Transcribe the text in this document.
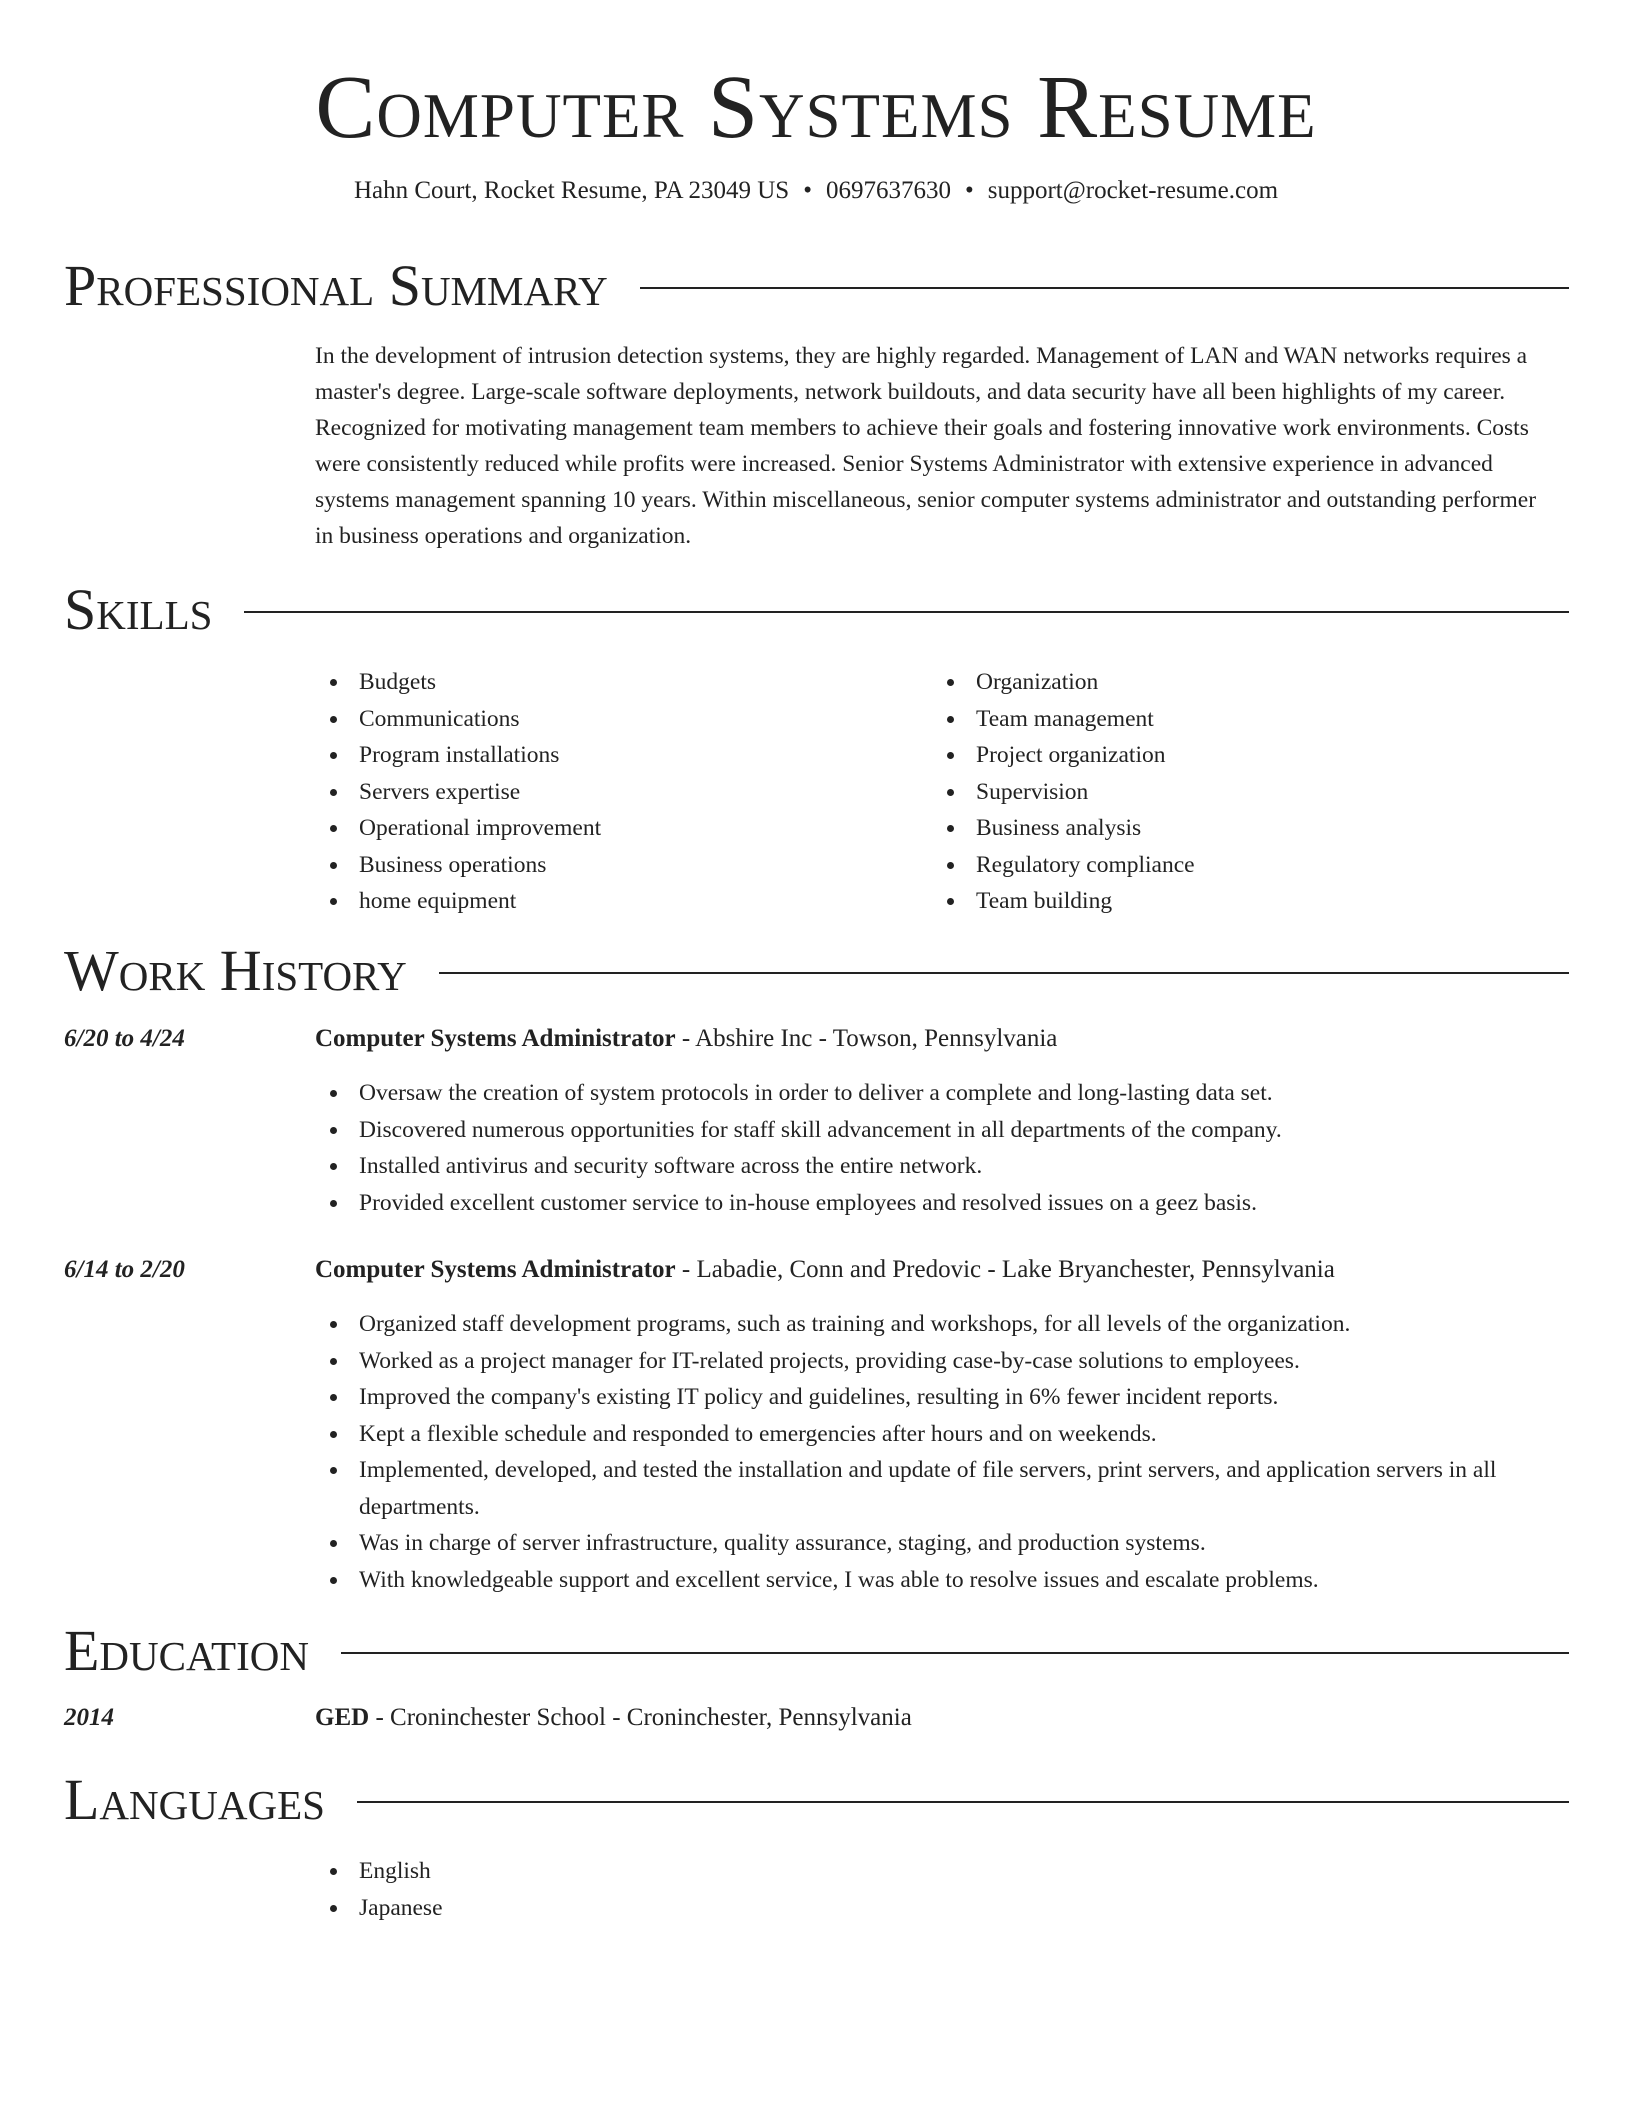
Computer Systems Resume
Hahn Court, Rocket Resume, PA 23049 US • 0697637630 • support@rocket-resume.com
Professional Summary
In the development of intrusion detection systems, they are highly regarded. Management of LAN and WAN networks requires a master's degree. Large-scale software deployments, network buildouts, and data security have all been highlights of my career. Recognized for motivating management team members to achieve their goals and fostering innovative work environments. Costs were consistently reduced while profits were increased. Senior Systems Administrator with extensive experience in advanced systems management spanning 10 years. Within miscellaneous, senior computer systems administrator and outstanding performer in business operations and organization.
Skills
Budgets
Communications
Program installations
Servers expertise
Operational improvement
Business operations
home equipment
Organization
Team management
Project organization
Supervision
Business analysis
Regulatory compliance
Team building
Work History
6/20 to 4/24	Computer Systems Administrator - Abshire Inc - Towson, Pennsylvania
Oversaw the creation of system protocols in order to deliver a complete and long-lasting data set.
Discovered numerous opportunities for staff skill advancement in all departments of the company.
Installed antivirus and security software across the entire network.
Provided excellent customer service to in-house employees and resolved issues on a geez basis.
6/14 to 2/20	Computer Systems Administrator - Labadie, Conn and Predovic - Lake Bryanchester, Pennsylvania
Organized staff development programs, such as training and workshops, for all levels of the organization.
Worked as a project manager for IT-related projects, providing case-by-case solutions to employees.
Improved the company's existing IT policy and guidelines, resulting in 6% fewer incident reports.
Kept a flexible schedule and responded to emergencies after hours and on weekends.
Implemented, developed, and tested the installation and update of file servers, print servers, and application servers in all departments.
Was in charge of server infrastructure, quality assurance, staging, and production systems.
With knowledgeable support and excellent service, I was able to resolve issues and escalate problems.
Education
2014	GED - Croninchester School - Croninchester, Pennsylvania
Languages
English
Japanese
